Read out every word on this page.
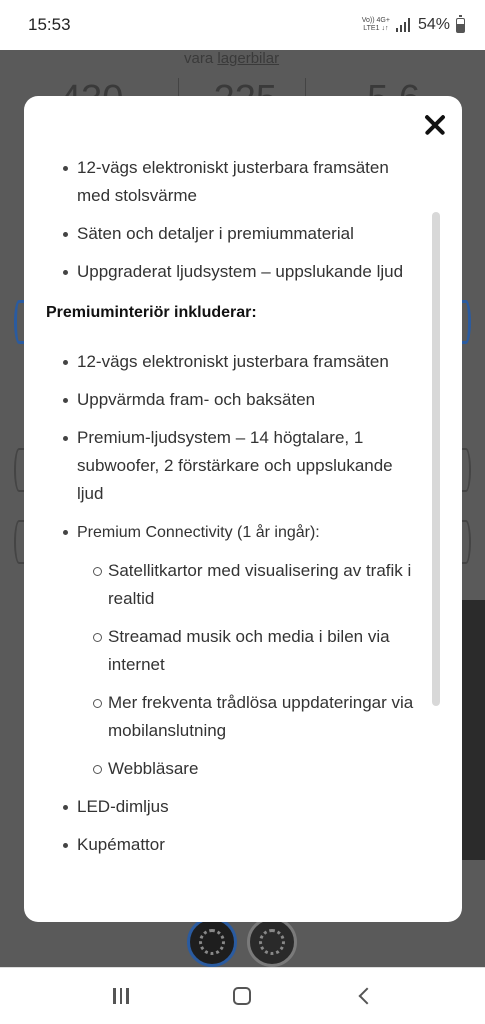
15:53	Vo)) 4G+
LTE1 ↓↑ 54%
vara lagerbilar
12-vägs elektroniskt justerbara framsäten med stolsvärme
Säten och detaljer i premiummaterial
Uppgraderat ljudsystem – uppslukande ljud
Premiuminteriör inkluderar:
12-vägs elektroniskt justerbara framsäten
Uppvärmda fram- och baksäten
Premium-ljudsystem – 14 högtalare, 1 subwoofer, 2 förstärkare och uppslukande ljud
Premium Connectivity (1 år ingår):
Satellitkartor med visualisering av trafik i realtid
Streamad musik och media i bilen via internet
Mer frekventa trådlösa uppdateringar via mobilanslutning
Webbläsare
LED-dimljus
Kupémattor
